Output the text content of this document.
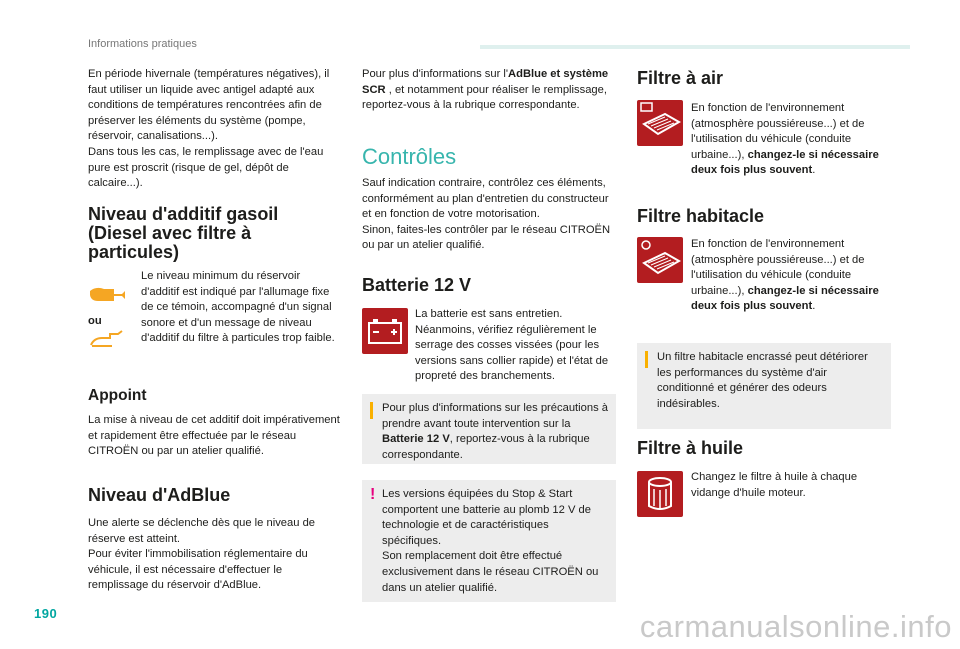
Informations pratiques

En période hivernale (températures négatives), il faut utiliser un liquide avec antigel adapté aux conditions de températures rencontrées afin de préserver les éléments du système (pompe, réservoir, canalisations...).

Dans tous les cas, le remplissage avec de l'eau pure est proscrit (risque de gel, dépôt de calcaire...).

Niveau d'additif gasoil (Diesel avec filtre à particules)
ou

Le niveau minimum du réservoir d'additif est indiqué par l'allumage fixe de ce témoin, accompagné d'un signal sonore et d'un message de niveau d'additif du filtre à particules trop faible.

Appoint

La mise à niveau de cet additif doit impérativement et rapidement être effectuée par le réseau CITROËN ou par un atelier qualifié.

Niveau d'AdBlue

Une alerte se déclenche dès que le niveau de réserve est atteint.

Pour éviter l'immobilisation réglementaire du véhicule, il est nécessaire d'effectuer le remplissage du réservoir d'AdBlue.

Pour plus d'informations sur l'AdBlue et système SCR , et notamment pour réaliser le remplissage, reportez-vous à la rubrique correspondante.

Contrôles

Sauf indication contraire, contrôlez ces éléments, conformément au plan d'entretien du constructeur et en fonction de votre motorisation.

Sinon, faites-les contrôler par le réseau CITROËN ou par un atelier qualifié.

Batterie 12 V

La batterie est sans entretien. Néanmoins, vérifiez régulièrement le serrage des cosses vissées (pour les versions sans collier rapide) et l'état de propreté des branchements.

Pour plus d'informations sur les précautions à prendre avant toute intervention sur la Batterie 12 V, reportez-vous à la rubrique correspondante.

! Les versions équipées du Stop & Start comportent une batterie au plomb 12 V de technologie et de caractéristiques spécifiques.
Son remplacement doit être effectué exclusivement dans le réseau CITROËN ou dans un atelier qualifié.

Filtre à air

En fonction de l'environnement (atmosphère poussiéreuse...) et de l'utilisation du véhicule (conduite urbaine...), changez-le si nécessaire deux fois plus souvent.

Filtre habitacle

En fonction de l'environnement (atmosphère poussiéreuse...) et de l'utilisation du véhicule (conduite urbaine...), changez-le si nécessaire deux fois plus souvent.

Un filtre habitacle encrassé peut détériorer les performances du système d'air conditionné et générer des odeurs indésirables.

Filtre à huile

Changez le filtre à huile à chaque vidange d'huile moteur.

190	carmanualsonline.info
